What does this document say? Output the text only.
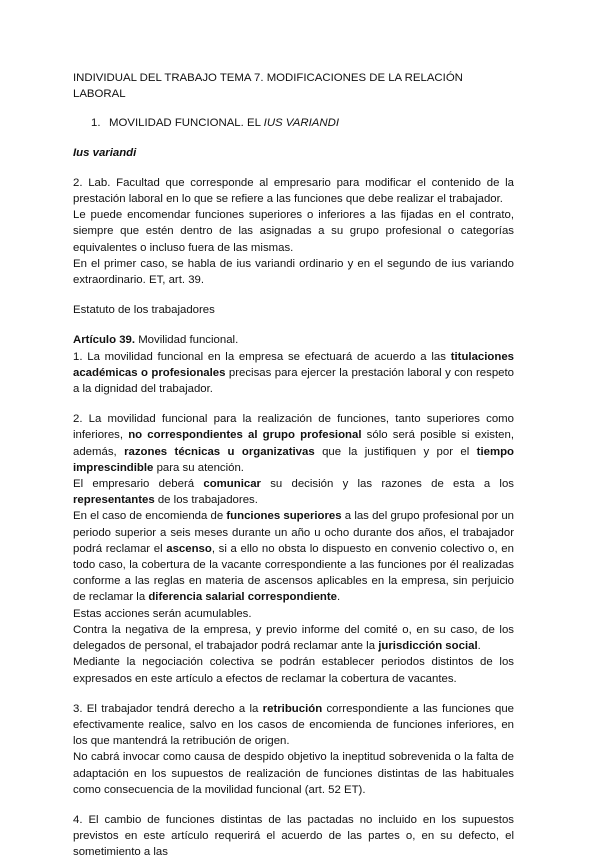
INDIVIDUAL DEL TRABAJO TEMA 7. MODIFICACIONES DE LA RELACIÓN LABORAL

1. MOVILIDAD FUNCIONAL. EL IUS VARIANDI

Ius variandi

2. Lab. Facultad que corresponde al empresario para modificar el contenido de la prestación laboral en lo que se refiere a las funciones que debe realizar el trabajador.

Le puede encomendar funciones superiores o inferiores a las fijadas en el contrato, siempre que estén dentro de las asignadas a su grupo profesional o categorías equivalentes o incluso fuera de las mismas.

En el primer caso, se habla de ius variandi ordinario y en el segundo de ius variando extraordinario. ET, art. 39.

Estatuto de los trabajadores

Artículo 39. Movilidad funcional.

1. La movilidad funcional en la empresa se efectuará de acuerdo a las titulaciones académicas o profesionales precisas para ejercer la prestación laboral y con respeto a la dignidad del trabajador.

2. La movilidad funcional para la realización de funciones, tanto superiores como inferiores, no correspondientes al grupo profesional sólo será posible si existen, además, razones técnicas u organizativas que la justifiquen y por el tiempo imprescindible para su atención.

El empresario deberá comunicar su decisión y las razones de esta a los representantes de los trabajadores.

En el caso de encomienda de funciones superiores a las del grupo profesional por un periodo superior a seis meses durante un año u ocho durante dos años, el trabajador podrá reclamar el ascenso, si a ello no obsta lo dispuesto en convenio colectivo o, en todo caso, la cobertura de la vacante correspondiente a las funciones por él realizadas conforme a las reglas en materia de ascensos aplicables en la empresa, sin perjuicio de reclamar la diferencia salarial correspondiente.

Estas acciones serán acumulables.

Contra la negativa de la empresa, y previo informe del comité o, en su caso, de los delegados de personal, el trabajador podrá reclamar ante la jurisdicción social.

Mediante la negociación colectiva se podrán establecer periodos distintos de los expresados en este artículo a efectos de reclamar la cobertura de vacantes.

3. El trabajador tendrá derecho a la retribución correspondiente a las funciones que efectivamente realice, salvo en los casos de encomienda de funciones inferiores, en los que mantendrá la retribución de origen.

No cabrá invocar como causa de despido objetivo la ineptitud sobrevenida o la falta de adaptación en los supuestos de realización de funciones distintas de las habituales como consecuencia de la movilidad funcional (art. 52 ET).

4. El cambio de funciones distintas de las pactadas no incluido en los supuestos previstos en este artículo requerirá el acuerdo de las partes o, en su defecto, el sometimiento a las
